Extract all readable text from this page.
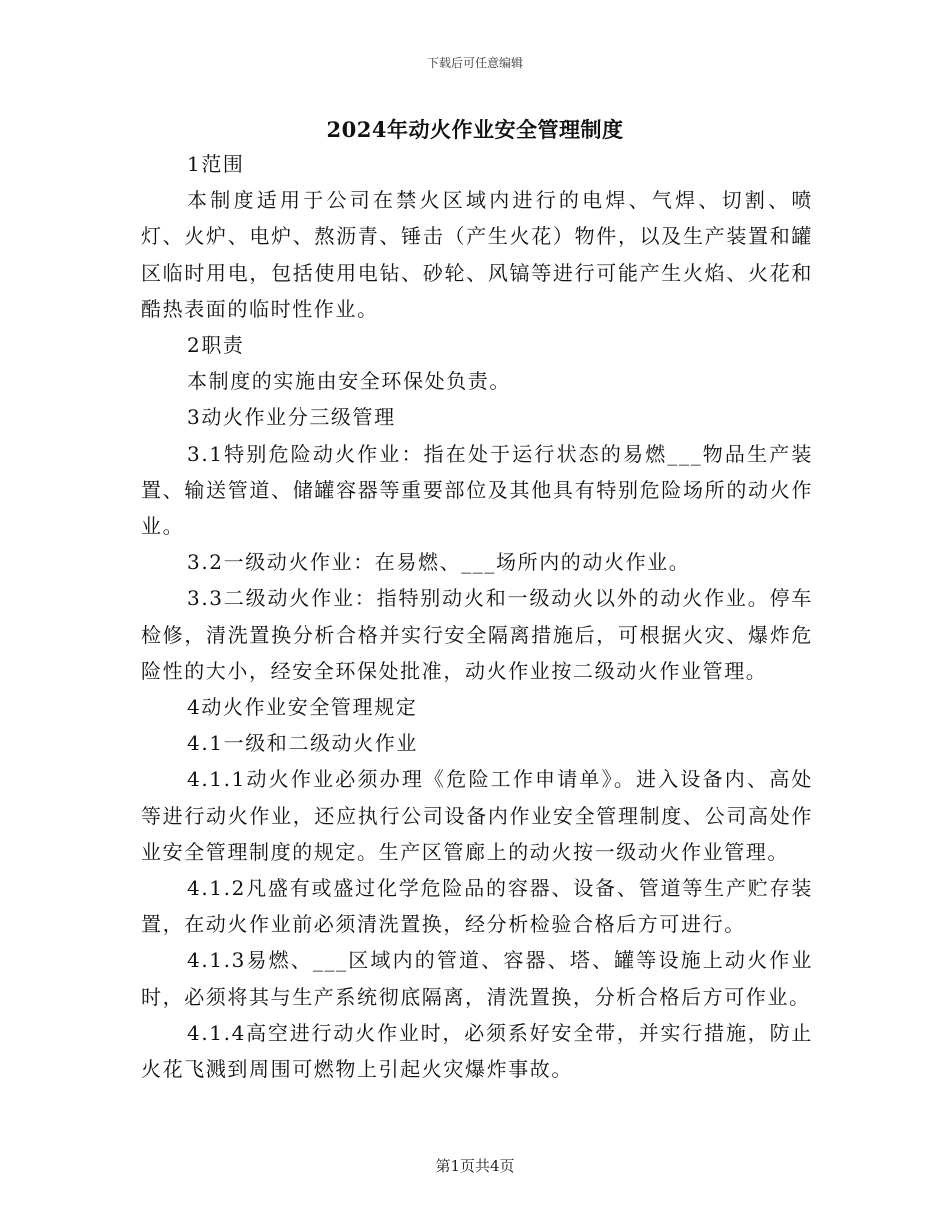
下载后可任意编辑
2024年动火作业安全管理制度

1范围

本制度适用于公司在禁火区域内进行的电焊、气焊、切割、喷灯、火炉、电炉、熬沥青、锤击（产生火花）物件，以及生产装置和罐区临时用电，包括使用电钻、砂轮、风镐等进行可能产生火焰、火花和酷热表面的临时性作业。

2职责

本制度的实施由安全环保处负责。

3动火作业分三级管理

3.1特别危险动火作业：指在处于运行状态的易燃___物品生产装置、输送管道、储罐容器等重要部位及其他具有特别危险场所的动火作业。

3.2一级动火作业：在易燃、___场所内的动火作业。

3.3二级动火作业：指特别动火和一级动火以外的动火作业。停车检修，清洗置换分析合格并实行安全隔离措施后，可根据火灾、爆炸危险性的大小，经安全环保处批准，动火作业按二级动火作业管理。

4动火作业安全管理规定

4.1一级和二级动火作业

4.1.1动火作业必须办理《危险工作申请单》。进入设备内、高处等进行动火作业，还应执行公司设备内作业安全管理制度、公司高处作业安全管理制度的规定。生产区管廊上的动火按一级动火作业管理。

4.1.2凡盛有或盛过化学危险品的容器、设备、管道等生产贮存装置，在动火作业前必须清洗置换，经分析检验合格后方可进行。

4.1.3易燃、___区域内的管道、容器、塔、罐等设施上动火作业时，必须将其与生产系统彻底隔离，清洗置换，分析合格后方可作业。

4.1.4高空进行动火作业时，必须系好安全带，并实行措施，防止火花飞溅到周围可燃物上引起火灾爆炸事故。

第1页共4页
